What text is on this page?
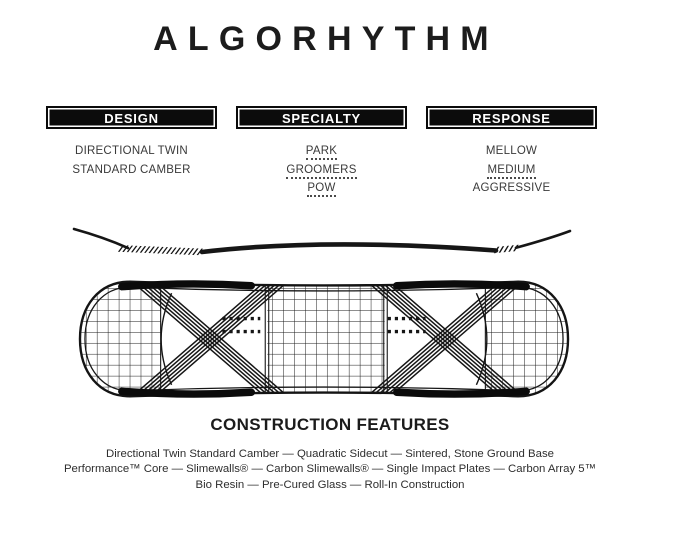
ALGORHYTHM
DESIGN
DIRECTIONAL TWIN
STANDARD CAMBER
SPECIALTY
PARK
GROOMERS
POW
RESPONSE
MELLOW
MEDIUM
AGGRESSIVE
CONSTRUCTION FEATURES
Directional Twin Standard Camber — Quadratic Sidecut — Sintered, Stone Ground Base
Performance™ Core — Slimewalls® — Carbon Slimewalls® — Single Impact Plates — Carbon Array 5™
Bio Resin — Pre-Cured Glass — Roll-In Construction
